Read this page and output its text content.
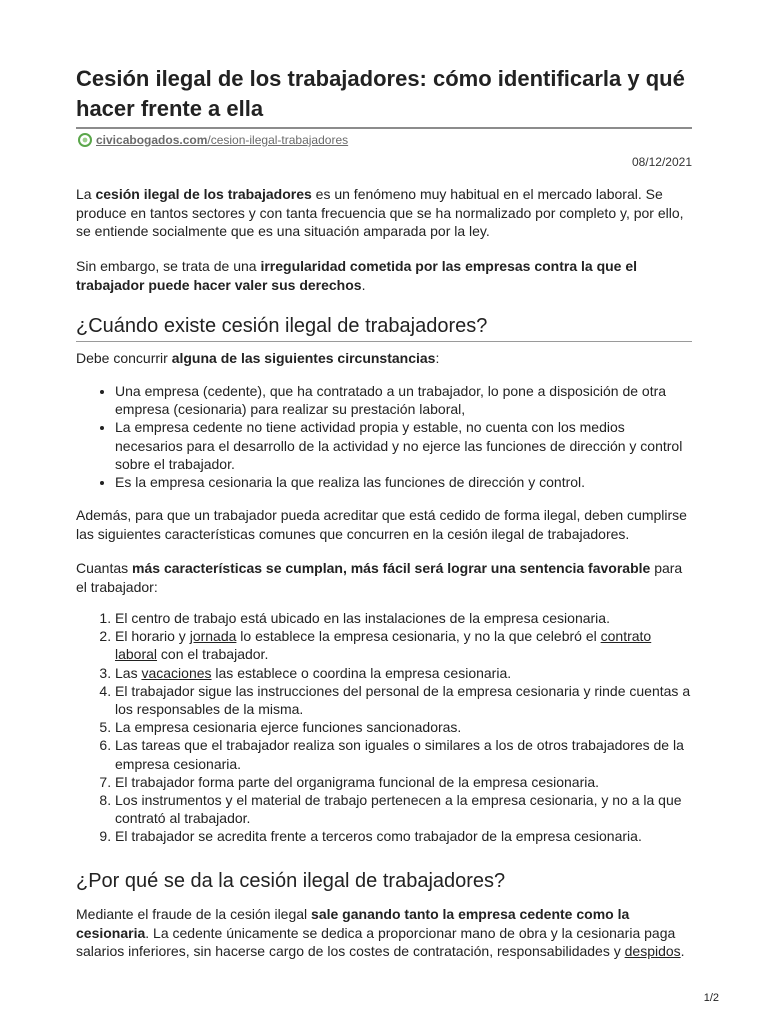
Cesión ilegal de los trabajadores: cómo identificarla y qué hacer frente a ella
civicabogados.com/cesion-ilegal-trabajadores
08/12/2021

La cesión ilegal de los trabajadores es un fenómeno muy habitual en el mercado laboral. Se produce en tantos sectores y con tanta frecuencia que se ha normalizado por completo y, por ello, se entiende socialmente que es una situación amparada por la ley.

Sin embargo, se trata de una irregularidad cometida por las empresas contra la que el trabajador puede hacer valer sus derechos.

¿Cuándo existe cesión ilegal de trabajadores?

Debe concurrir alguna de las siguientes circunstancias:

• Una empresa (cedente), que ha contratado a un trabajador, lo pone a disposición de otra empresa (cesionaria) para realizar su prestación laboral,
• La empresa cedente no tiene actividad propia y estable, no cuenta con los medios necesarios para el desarrollo de la actividad y no ejerce las funciones de dirección y control sobre el trabajador.
• Es la empresa cesionaria la que realiza las funciones de dirección y control.

Además, para que un trabajador pueda acreditar que está cedido de forma ilegal, deben cumplirse las siguientes características comunes que concurren en la cesión ilegal de trabajadores.

Cuantas más características se cumplan, más fácil será lograr una sentencia favorable para el trabajador:

1. El centro de trabajo está ubicado en las instalaciones de la empresa cesionaria.
2. El horario y jornada lo establece la empresa cesionaria, y no la que celebró el contrato laboral con el trabajador.
3. Las vacaciones las establece o coordina la empresa cesionaria.
4. El trabajador sigue las instrucciones del personal de la empresa cesionaria y rinde cuentas a los responsables de la misma.
5. La empresa cesionaria ejerce funciones sancionadoras.
6. Las tareas que el trabajador realiza son iguales o similares a los de otros trabajadores de la empresa cesionaria.
7. El trabajador forma parte del organigrama funcional de la empresa cesionaria.
8. Los instrumentos y el material de trabajo pertenecen a la empresa cesionaria, y no a la que contrató al trabajador.
9. El trabajador se acredita frente a terceros como trabajador de la empresa cesionaria.
¿Por qué se da la cesión ilegal de trabajadores?

Mediante el fraude de la cesión ilegal sale ganando tanto la empresa cedente como la cesionaria. La cedente únicamente se dedica a proporcionar mano de obra y la cesionaria paga salarios inferiores, sin hacerse cargo de los costes de contratación, responsabilidades y despidos.

1/2
